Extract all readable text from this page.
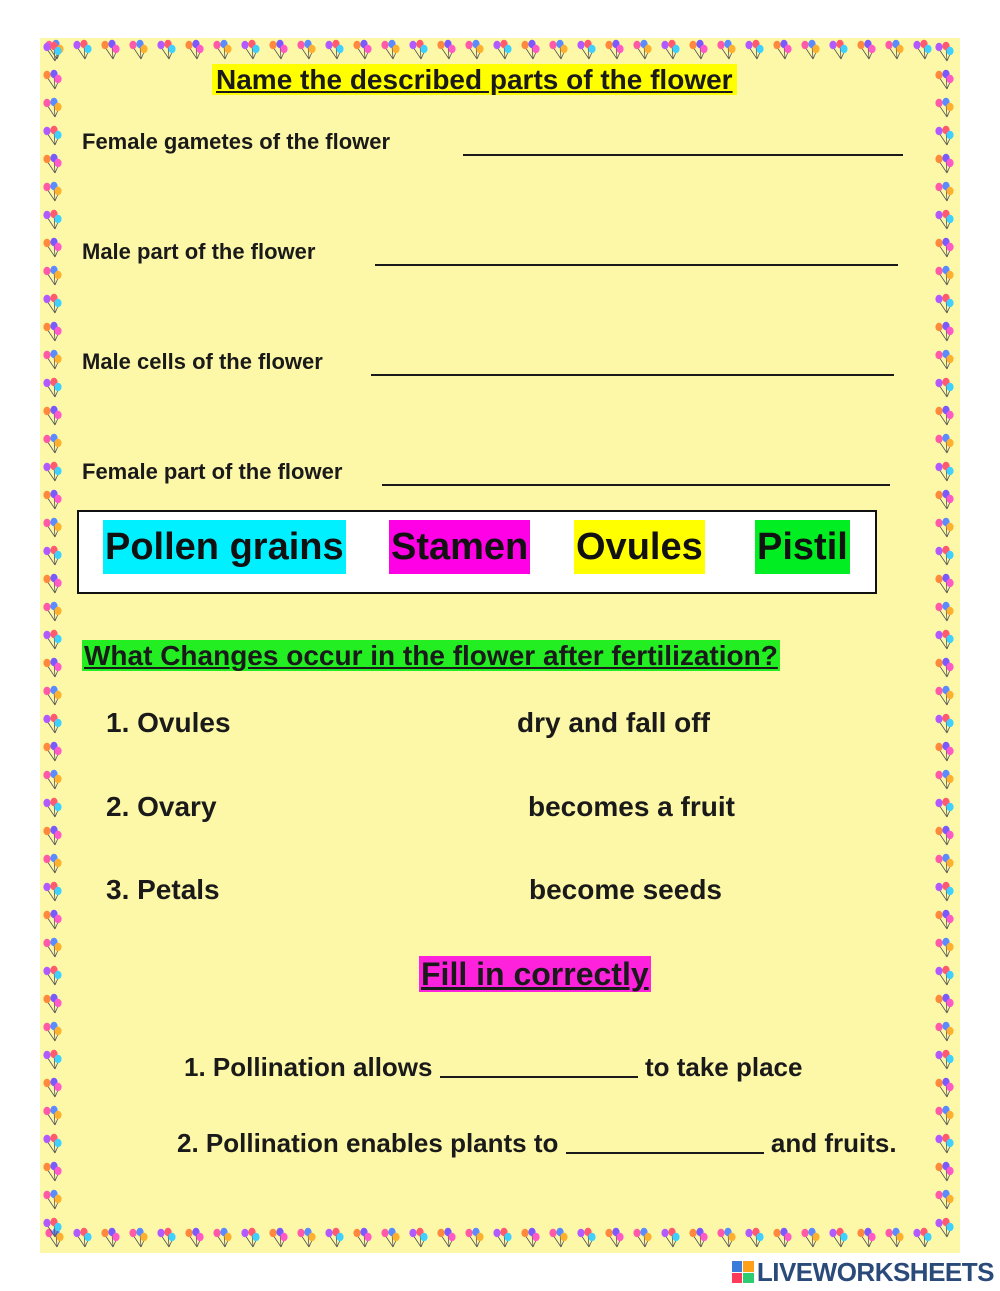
Name the described parts of the flower
Female gametes of the flower
Male part of the flower
Male cells of the flower
Female part of the flower
Pollen grains Stamen Ovules Pistil
What Changes occur in the flower after fertilization?
1. Ovules	dry and fall off
2. Ovary	becomes a fruit
3. Petals	become seeds
Fill in correctly
1. Pollination allows	to take place
2. Pollination enables plants to	and fruits.
LIVEWORKSHEETS
